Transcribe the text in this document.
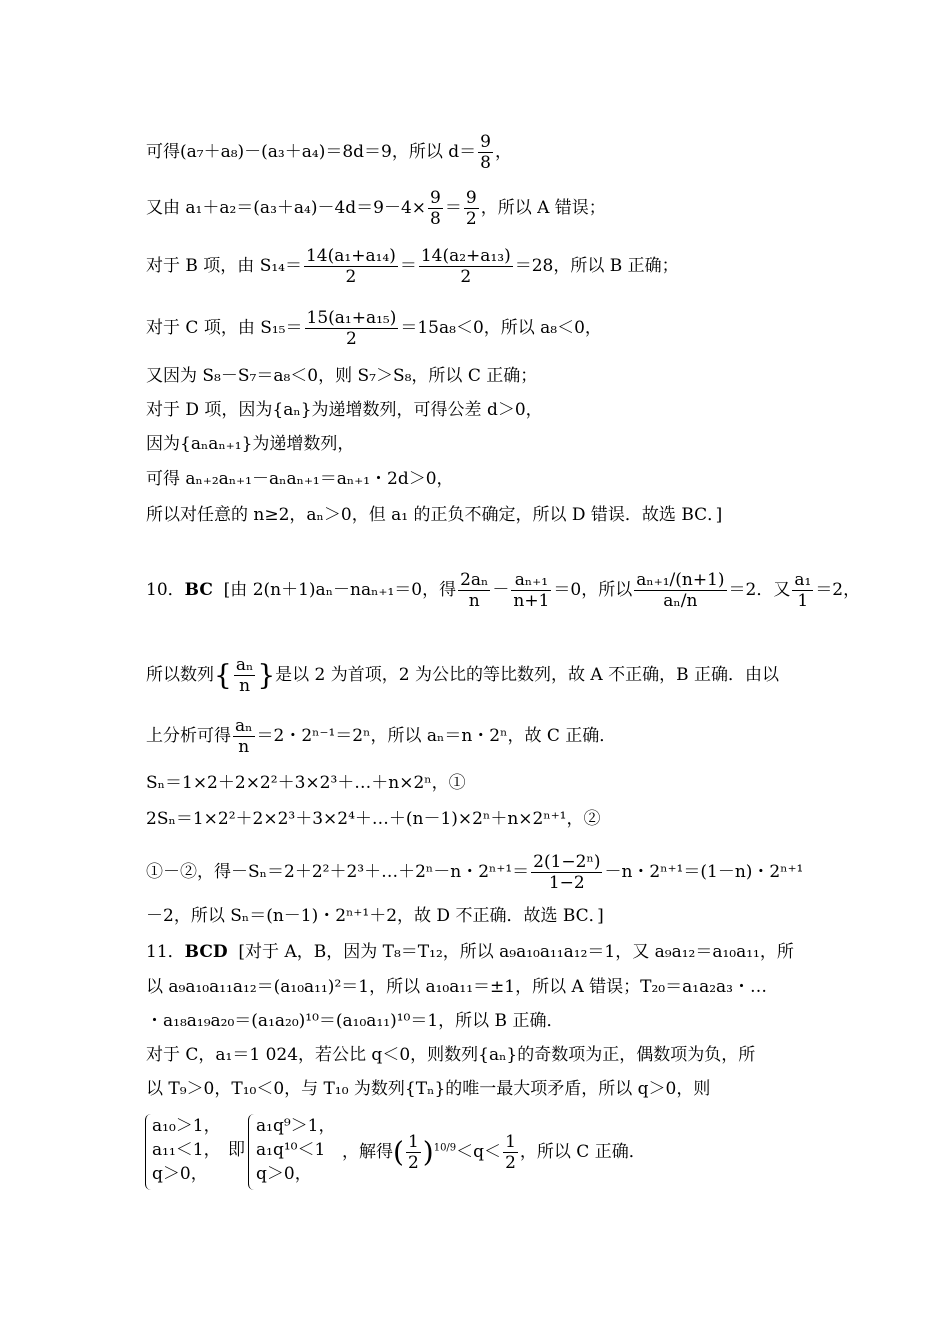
可得(a₇＋a₈)－(a₃＋a₄)＝8d＝9，所以 $d= \frac{9}{8}$ ，
又由 $a_1+a_2=(a_3+a_4)-4d=9-4\times \frac{9}{8} = \frac{9}{2}$ ，所以 A 错误；
对于 B 项，由 $S_{14}= \frac{\text{14(a₁+a₁₄)}}{2} = \frac{\text{14(a₂+a₁₃)}}{2} =28$，所以 B 正确；
对于 C 项，由 $S_{15}= \frac{\text{15(a₁+a₁₅)}}{2} =15a_8<0$，所以 a₈＜0，
又因为 S₈－S₇＝a₈＜0，则 S₇＞S₈，所以 C 正确；
对于 D 项，因为{aₙ}为递增数列，可得公差 d＞0，
因为{aₙaₙ₊₁}为递增数列，
可得 aₙ₊₂aₙ₊₁－aₙaₙ₊₁＝aₙ₊₁・2d＞0，
所以对任意的 n≥2，aₙ＞0，但 a₁ 的正负不确定，所以 D 错误．故选 BC．]
10．BC [由 2(n＋1)aₙ－naₙ₊₁＝0，得 $\frac{\text{2aₙ}}{n} - \frac{\text{aₙ₊₁}}{n+1} =0$，所以 $\frac{\text{aₙ₊₁/(n+1)}}{\text{aₙ/n}} =2$．又 $\frac{\text{a₁}}{1} =2$，
所以数列{ $\frac{\text{aₙ}}{n}$ }是以 2 为首项，2 为公比的等比数列，故 A 不正确，B 正确．由以
上分析可得 $\frac{\text{aₙ}}{n} =2$・2ⁿ⁻¹＝2ⁿ，所以 aₙ＝n・2ⁿ，故 C 正确．
Sₙ＝1×2＋2×2²＋3×2³＋…＋n×2ⁿ，①
2Sₙ＝1×2²＋2×2³＋3×2⁴＋…＋(n－1)×2ⁿ＋n×2ⁿ⁺¹，②
①－②，得－Sₙ＝2＋2²＋2³＋…＋2ⁿ－n・$2^{n+1}= \frac{\text{2(1−2ⁿ)}}{1-2} -n$・2ⁿ⁺¹＝(1－n)・2ⁿ⁺¹
－2，所以 Sₙ＝(n－1)・2ⁿ⁺¹＋2，故 D 不正确．故选 BC．]
11．BCD [对于 A，B，因为 T₈＝T₁₂，所以 a₉a₁₀a₁₁a₁₂＝1，又 a₉a₁₂＝a₁₀a₁₁，所
以 a₉a₁₀a₁₁a₁₂＝(a₁₀a₁₁)²＝1，所以 a₁₀a₁₁＝±1，所以 A 错误；T₂₀＝a₁a₂a₃・…
・a₁₈a₁₉a₂₀＝(a₁a₂₀)¹⁰＝(a₁₀a₁₁)¹⁰＝1，所以 B 正确．
对于 C，a₁＝1 024，若公比 q＜0，则数列{aₙ}的奇数项为正，偶数项为负，所
以 T₉＞0，T₁₀＜0，与 T₁₀ 为数列{Tₙ}的唯一最大项矛盾，所以 q＞0，则
a₁₀＞1，
a₁₁＜1，
q＞0，
即
a₁q⁹＞1，
a₁q¹⁰＜1
q＞0，
，解得( $\frac{1}{2} )^{10/9}<q< \frac{1}{2}$ ，所以 C 正确．
